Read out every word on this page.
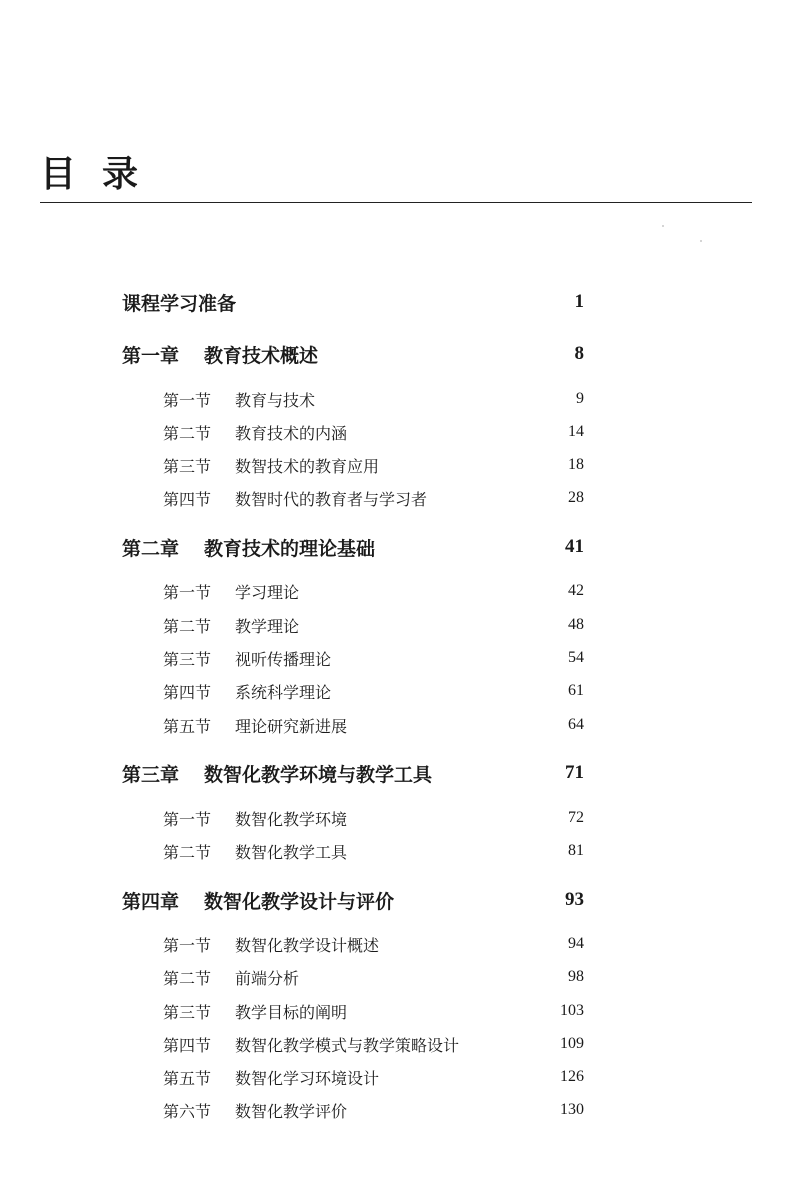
目录
课程学习准备	1
第一章	教育技术概述	8
第一节	教育与技术	9
第二节	教育技术的内涵	14
第三节	数智技术的教育应用	18
第四节	数智时代的教育者与学习者	28
第二章	教育技术的理论基础	41
第一节	学习理论	42
第二节	教学理论	48
第三节	视听传播理论	54
第四节	系统科学理论	61
第五节	理论研究新进展	64
第三章	数智化教学环境与教学工具	71
第一节	数智化教学环境	72
第二节	数智化教学工具	81
第四章	数智化教学设计与评价	93
第一节	数智化教学设计概述	94
第二节	前端分析	98
第三节	教学目标的阐明	103
第四节	数智化教学模式与教学策略设计	109
第五节	数智化学习环境设计	126
第六节	数智化教学评价	130
